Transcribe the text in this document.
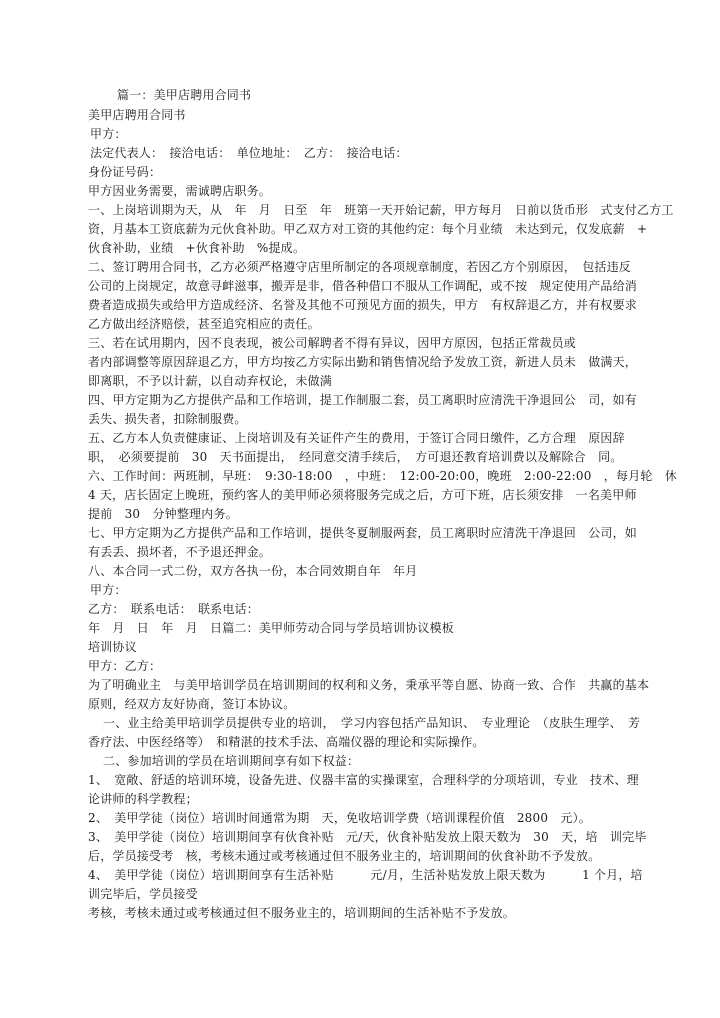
篇一：美甲店聘用合同书
美甲店聘用合同书
甲方：
法定代表人：　接洽电话：　单位地址：　乙方：　接洽电话：
身份证号码：
甲方因业务需要，需诚聘店职务。
一、上岗培训期为天，从　年　月　日至　年　班第一天开始记薪，甲方每月　日前以货币形　式支付乙方工
资，月基本工资底薪为元伙食补助。甲乙双方对工资的其他约定：每个月业绩　未达到元，仅发底薪　+
伙食补助，业绩　+伙食补助　%提成。
二、签订聘用合同书，乙方必须严格遵守店里所制定的各项规章制度，若因乙方个别原因，　包括违反
公司的上岗规定，故意寻衅滋事，搬弄是非，借各种借口不服从工作调配，或不按　规定使用产品给消
费者造成损失或给甲方造成经济、名誉及其他不可预见方面的损失，甲方　有权辞退乙方，并有权要求
乙方做出经济赔偿，甚至追究相应的责任。
三、若在试用期内，因不良表现，被公司解聘者不得有异议，因甲方原因，包括正常裁员或
者内部调整等原因辞退乙方，甲方均按乙方实际出勤和销售情况给予发放工资，新进人员未　做满天，
即离职，不予以计薪，以自动弃权论，未做满
四、甲方定期为乙方提供产品和工作培训，提工作制服二套，员工离职时应清洗干净退回公　司，如有
丢失、损失者，扣除制服费。
五、乙方本人负责健康证、上岗培训及有关证件产生的费用，于签订合同日缴件，乙方合理　原因辞
职，　必须要提前　30　天书面提出，　经同意交清手续后，　方可退还教育培训费以及解除合　同。
六、工作时间：两班制，早班：　9:30-18:00　，中班：　12:00-20:00，晚班　2:00-22:00　，每月轮　休
4 天，店长固定上晚班，预约客人的美甲师必须将服务完成之后，方可下班，店长须安排　一名美甲师
提前　30　分钟整理内务。
七、甲方定期为乙方提供产品和工作培训，提供冬夏制服两套，员工离职时应清洗干净退回　公司，如
有丢丢、损坏者，不予退还押金。
八、本合同一式二份，双方各执一份，本合同效期自年　年月
甲方：
乙方：　联系电话：　联系电话：
年　月　日　年　月　日篇二：美甲师劳动合同与学员培训协议模板
培训协议
甲方：乙方：
为了明确业主　与美甲培训学员在培训期间的权利和义务，秉承平等自愿、协商一致、合作　共赢的基本
原则，经双方友好协商，签订本协议。
一、业主给美甲培训学员提供专业的培训，　学习内容包括产品知识、　专业理论　（皮肤生理学、　芳
香疗法、中医经络等）　和精湛的技术手法、高端仪器的理论和实际操作。
二、参加培训的学员在培训期间享有如下权益：
1、　宽敞、舒适的培训环境，设备先进、仪器丰富的实操课室，合理科学的分项培训，专业　技术、理
论讲师的科学教程；
2、　美甲学徒（岗位）培训时间通常为期　天，免收培训学费（培训课程价值　2800　元）。
3、　美甲学徒（岗位）培训期间享有伙食补贴　元/天，伙食补贴发放上限天数为　30　天，培　训完毕
后，学员接受考　核，考核未通过或考核通过但不服务业主的，培训期间的伙食补助不予发放。
4、　美甲学徒（岗位）培训期间享有生活补贴　　　元/月，生活补贴发放上限天数为　　　1 个月，培
训完毕后，学员接受
考核，考核未通过或考核通过但不服务业主的，培训期间的生活补贴不予发放。
